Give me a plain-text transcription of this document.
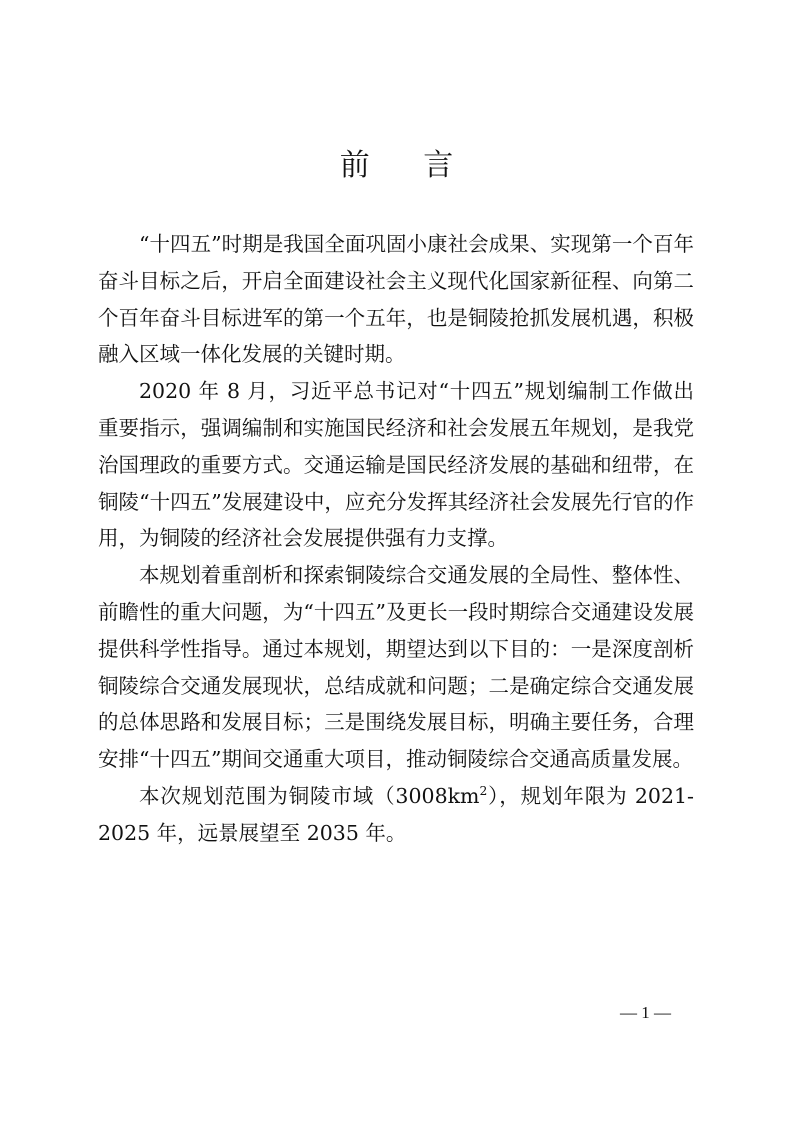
前 言

“十四五”时期是我国全面巩固小康社会成果、实现第一个百年奋斗目标之后，开启全面建设社会主义现代化国家新征程、向第二个百年奋斗目标进军的第一个五年，也是铜陵抢抓发展机遇，积极融入区域一体化发展的关键时期。

2020 年 8 月，习近平总书记对“十四五”规划编制工作做出重要指示，强调编制和实施国民经济和社会发展五年规划，是我党治国理政的重要方式。交通运输是国民经济发展的基础和纽带，在铜陵“十四五”发展建设中，应充分发挥其经济社会发展先行官的作用，为铜陵的经济社会发展提供强有力支撑。

本规划着重剖析和探索铜陵综合交通发展的全局性、整体性、前瞻性的重大问题，为“十四五”及更长一段时期综合交通建设发展提供科学性指导。通过本规划，期望达到以下目的：一是深度剖析铜陵综合交通发展现状，总结成就和问题；二是确定综合交通发展的总体思路和发展目标；三是围绕发展目标，明确主要任务，合理安排“十四五”期间交通重大项目，推动铜陵综合交通高质量发展。

本次规划范围为铜陵市域$(3008km^2)$，规划年限为 2021-2025 年，远景展望至 2035 年。

— 1 —
